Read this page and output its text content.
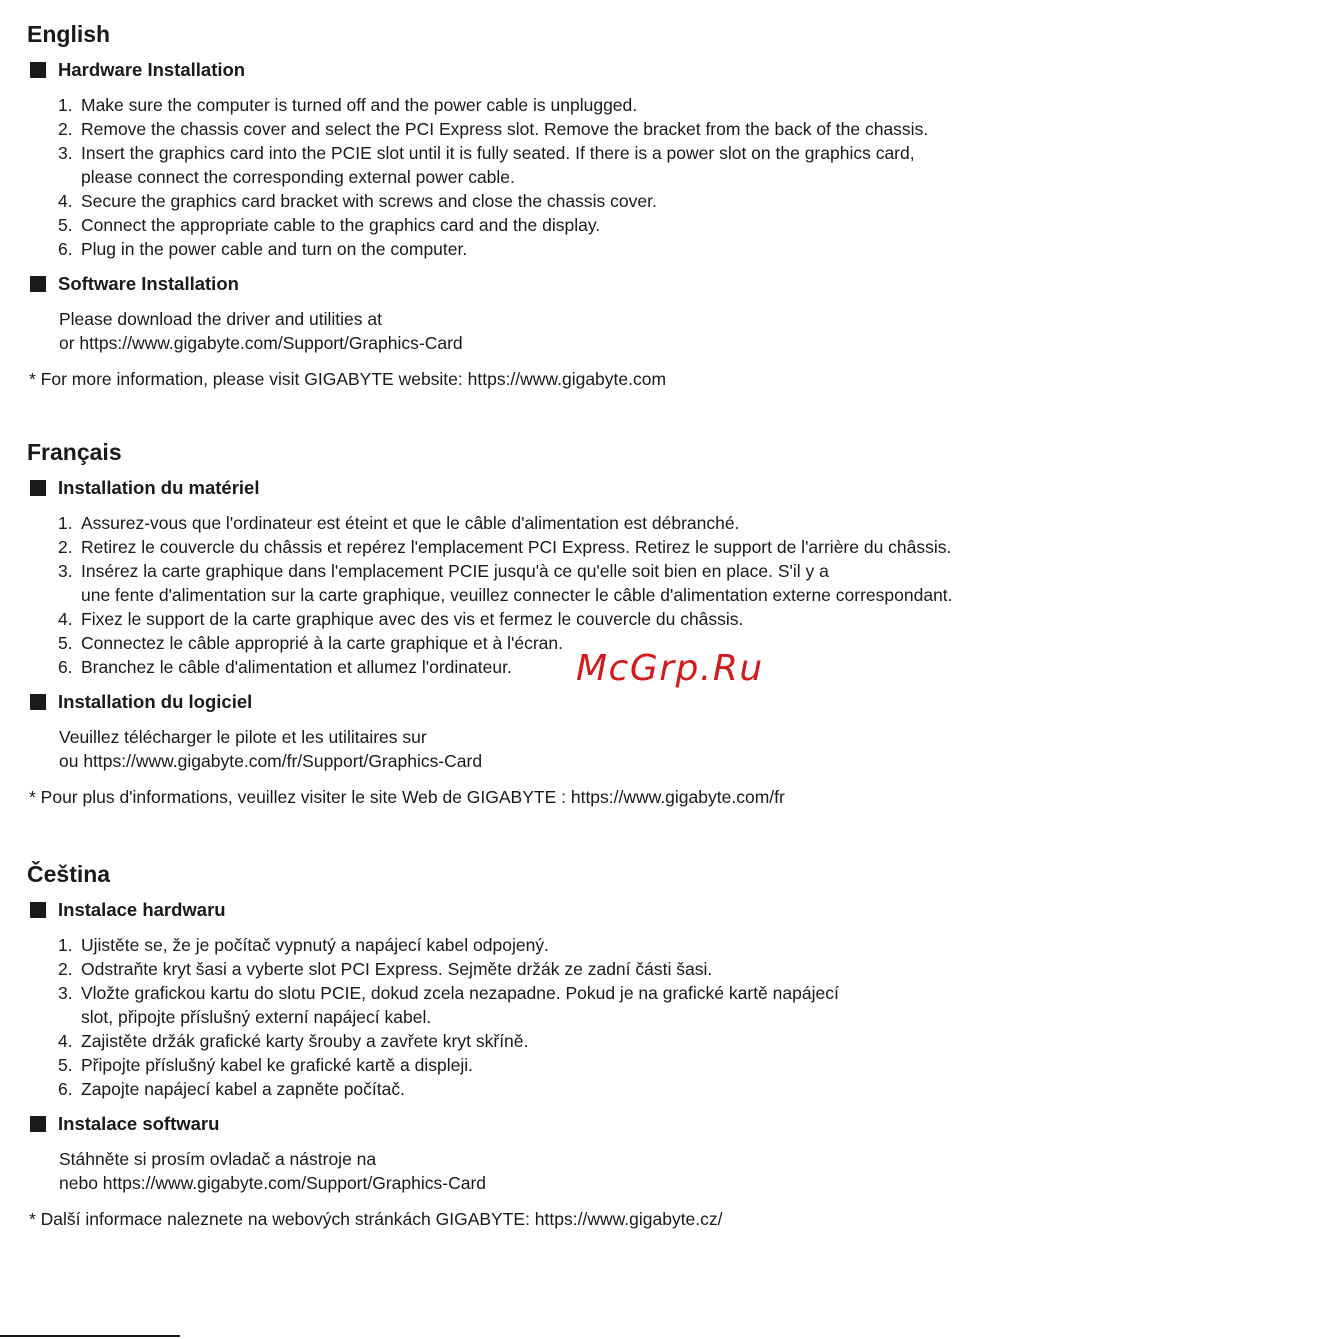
English
Hardware Installation
1. Make sure the computer is turned off and the power cable is unplugged.
2. Remove the chassis cover and select the PCI Express slot. Remove the bracket from the back of the chassis.
3. Insert the graphics card into the PCIE slot until it is fully seated. If there is a power slot on the graphics card,
please connect the corresponding external power cable.
4. Secure the graphics card bracket with screws and close the chassis cover.
5. Connect the appropriate cable to the graphics card and the display.
6. Plug in the power cable and turn on the computer.
Software Installation
Please download the driver and utilities at
or https://www.gigabyte.com/Support/Graphics-Card
* For more information, please visit GIGABYTE website: https://www.gigabyte.com
Français
Installation du matériel
1. Assurez-vous que l'ordinateur est éteint et que le câble d'alimentation est débranché.
2. Retirez le couvercle du châssis et repérez l'emplacement PCI Express. Retirez le support de l'arrière du châssis.
3. Insérez la carte graphique dans l'emplacement PCIE jusqu'à ce qu'elle soit bien en place. S'il y a
une fente d'alimentation sur la carte graphique, veuillez connecter le câble d'alimentation externe correspondant.
4. Fixez le support de la carte graphique avec des vis et fermez le couvercle du châssis.
5. Connectez le câble approprié à la carte graphique et à l'écran.
6. Branchez le câble d'alimentation et allumez l'ordinateur.
Installation du logiciel
Veuillez télécharger le pilote et les utilitaires sur
ou https://www.gigabyte.com/fr/Support/Graphics-Card
* Pour plus d'informations, veuillez visiter le site Web de GIGABYTE : https://www.gigabyte.com/fr
Čeština
Instalace hardwaru
1. Ujistěte se, že je počítač vypnutý a napájecí kabel odpojený.
2. Odstraňte kryt šasi a vyberte slot PCI Express. Sejměte držák ze zadní části šasi.
3. Vložte grafickou kartu do slotu PCIE, dokud zcela nezapadne. Pokud je na grafické kartě napájecí
slot, připojte příslušný externí napájecí kabel.
4. Zajistěte držák grafické karty šrouby a zavřete kryt skříně.
5. Připojte příslušný kabel ke grafické kartě a displeji.
6. Zapojte napájecí kabel a zapněte počítač.
Instalace softwaru
Stáhněte si prosím ovladač a nástroje na
nebo https://www.gigabyte.com/Support/Graphics-Card
* Další informace naleznete na webových stránkách GIGABYTE: https://www.gigabyte.cz/
McGrp.Ru
